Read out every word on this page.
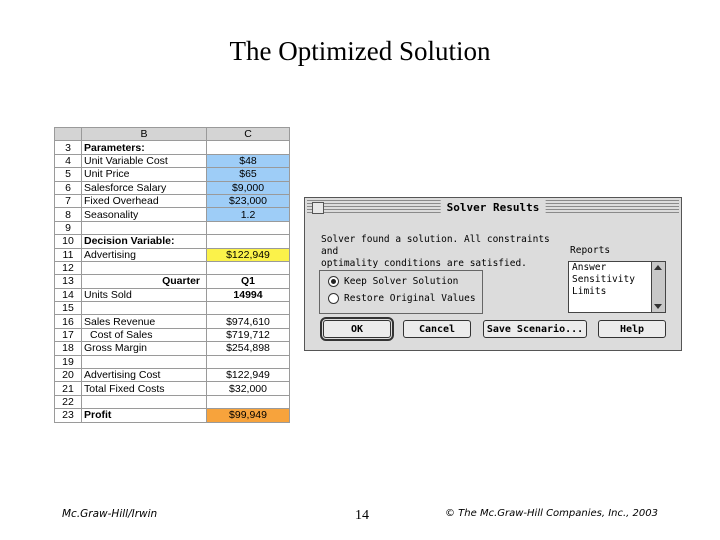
The Optimized Solution
	B	C
3	Parameters:	
4	Unit Variable Cost	$48
5	Unit Price	$65
6	Salesforce Salary	$9,000
7	Fixed Overhead	$23,000
8	Seasonality	1.2
9		
10	Decision Variable:	
11	Advertising	$122,949
12		
13	Quarter	Q1
14	Units Sold	14994
15		
16	Sales Revenue	$974,610
17	Cost of Sales	$719,712
18	Gross Margin	$254,898
19		
20	Advertising Cost	$122,949
21	Total Fixed Costs	$32,000
22		
23	Profit	$99,949
Solver Results
Solver found a solution. All constraints and
optimality conditions are satisfied.
Reports
Answer
Sensitivity
Limits
Keep Solver Solution
Restore Original Values
OK	Cancel	Save Scenario...	Help
Mc.Graw-Hill/Irwin	14	© The Mc.Graw-Hill Companies, Inc., 2003
